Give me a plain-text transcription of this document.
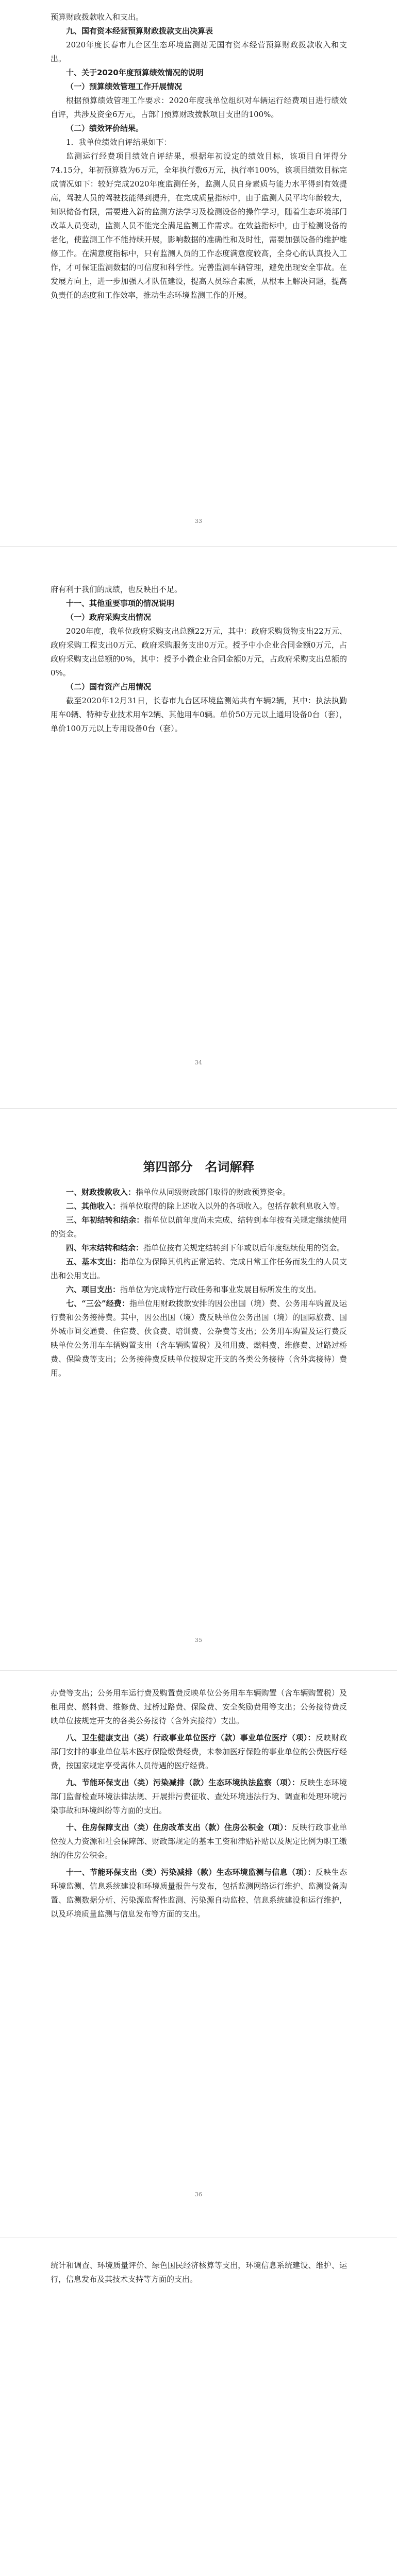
预算财政拨款收入和支出。

九、国有资本经营预算财政拨款支出决算表

2020年度长春市九台区生态环境监测站无国有资本经营预算财政拨款收入和支出。

十、关于2020年度预算绩效情况的说明

（一）预算绩效管理工作开展情况

根据预算绩效管理工作要求：2020年度我单位组织对车辆运行经费项目进行绩效自评，共涉及资金6万元，占部门预算财政拨款项目支出的100%。

（二）绩效评价结果。

1．我单位绩效自评结果如下：

监测运行经费项目绩效自评结果，根据年初设定的绩效目标，该项目自评得分74.15分，年初预算数为6万元，全年执行数6万元，执行率100%，该项目绩效目标完成情况如下：较好完成2020年度监测任务，监测人员自身素质与能力水平得到有效提高，驾驶人员的驾驶技能得到提升，在完成质量指标中，由于监测人员平均年龄较大，知识储备有限，需要进入新的监测方法学习及检测设备的操作学习，随着生态环境部门改革人员变动，监测人员不能完全满足监测工作需求。在效益指标中，由于检测设备的老化，使监测工作不能持续开展，影响数据的准确性和及时性，需要加强设备的维护维修工作。在满意度指标中，只有监测人员的工作态度满意度较高，全身心的认真投入工作，才可保证监测数据的可信度和科学性。完善监测车辆管理，避免出现安全事故。在发展方向上，进一步加强人才队伍建设，提高人员综合素质，从根本上解决问题，提高负责任的态度和工作效率，推动生态环境监测工作的开展。

33

府有利于我们的成绩，也反映出不足。

十一、其他重要事项的情况说明

（一）政府采购支出情况

2020年度，我单位政府采购支出总额22万元，其中：政府采购货物支出22万元、政府采购工程支出0万元、政府采购服务支出0万元。授予中小企业合同金额0万元，占政府采购支出总额的0%，其中：授予小微企业合同金额0万元，占政府采购支出总额的0%。

（二）国有资产占用情况

截至2020年12月31日，长春市九台区环境监测站共有车辆2辆，其中：执法执勤用车0辆、特种专业技术用车2辆、其他用车0辆。单价50万元以上通用设备0台（套），单价100万元以上专用设备0台（套）。

34
第四部分　名词解释

一、财政拨款收入：指单位从同级财政部门取得的财政预算资金。

二、其他收入：指单位取得的除上述收入以外的各项收入。包括存款利息收入等。

三、年初结转和结余：指单位以前年度尚未完成、结转到本年按有关规定继续使用的资金。

四、年末结转和结余：指单位按有关规定结转到下年或以后年度继续使用的资金。

五、基本支出：指单位为保障其机构正常运转、完成日常工作任务而发生的人员支出和公用支出。

六、项目支出：指单位为完成特定行政任务和事业发展目标所发生的支出。

七、“三公”经费：指单位用财政拨款安排的因公出国（境）费、公务用车购置及运行费和公务接待费。其中，因公出国（境）费反映单位公务出国（境）的国际旅费、国外城市间交通费、住宿费、伙食费、培训费、公杂费等支出；公务用车购置及运行费反映单位公务用车车辆购置支出（含车辆购置税）及租用费、燃料费、维修费、过路过桥费、保险费等支出；公务接待费反映单位按规定开支的各类公务接待（含外宾接待）费用。

35

办费等支出；公务用车运行费及购置费反映单位公务用车车辆购置（含车辆购置税）及租用费、燃料费、维修费、过桥过路费、保险费、安全奖励费用等支出；公务接待费反映单位按规定开支的各类公务接待（含外宾接待）支出。

八、卫生健康支出（类）行政事业单位医疗（款）事业单位医疗（项）：反映财政部门安排的事业单位基本医疗保险缴费经费，未参加医疗保险的事业单位的公费医疗经费，按国家规定享受离休人员待遇的医疗经费。

九、节能环保支出（类）污染减排（款）生态环境执法监察（项）：反映生态环境部门监督检查环境法律法规、开展排污费征收、查处环境违法行为、调查和处理环境污染事故和环境纠纷等方面的支出。

十、住房保障支出（类）住房改革支出（款）住房公积金（项）：反映行政事业单位按人力资源和社会保障部、财政部规定的基本工资和津贴补贴以及规定比例为职工缴纳的住房公积金。

十一、节能环保支出（类）污染减排（款）生态环境监测与信息（项）：反映生态环境监测、信息系统建设和环境质量报告与发布，包括监测网络运行维护、监测设备购置、监测数据分析、污染源监督性监测、污染源自动监控、信息系统建设和运行维护，以及环境质量监测与信息发布等方面的支出。

36

统计和调查、环境质量评价、绿色国民经济核算等支出，环境信息系统建设、维护、运行，信息发布及其技术支持等方面的支出。
